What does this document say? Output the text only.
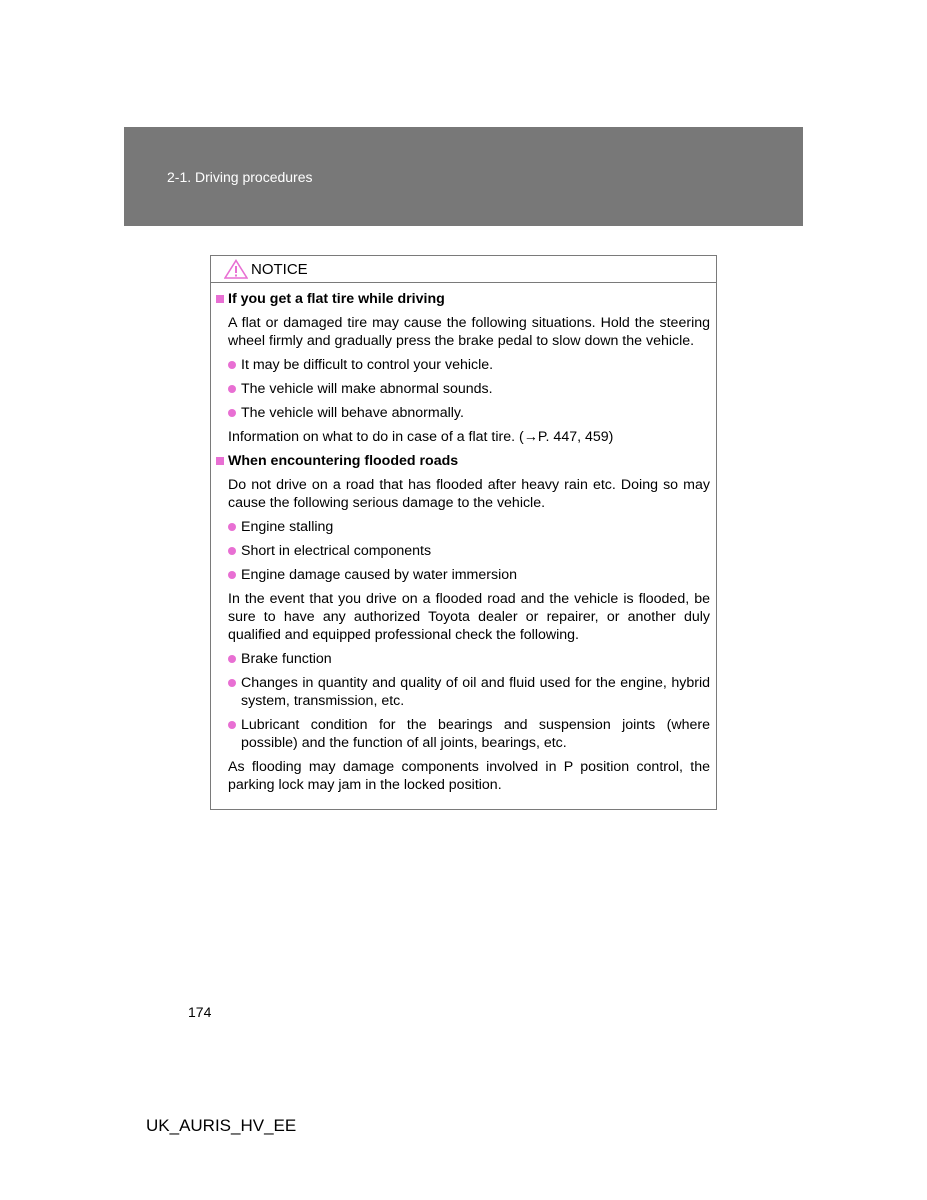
2-1. Driving procedures
NOTICE
If you get a flat tire while driving
A flat or damaged tire may cause the following situations. Hold the steering wheel firmly and gradually press the brake pedal to slow down the vehicle.
It may be difficult to control your vehicle.
The vehicle will make abnormal sounds.
The vehicle will behave abnormally.
Information on what to do in case of a flat tire. (→P. 447, 459)
When encountering flooded roads
Do not drive on a road that has flooded after heavy rain etc. Doing so may cause the following serious damage to the vehicle.
Engine stalling
Short in electrical components
Engine damage caused by water immersion
In the event that you drive on a flooded road and the vehicle is flooded, be sure to have any authorized Toyota dealer or repairer, or another duly qualified and equipped professional check the following.
Brake function
Changes in quantity and quality of oil and fluid used for the engine, hybrid system, transmission, etc.
Lubricant condition for the bearings and suspension joints (where possible) and the function of all joints, bearings, etc.
As flooding may damage components involved in P position control, the parking lock may jam in the locked position.
174
UK_AURIS_HV_EE
